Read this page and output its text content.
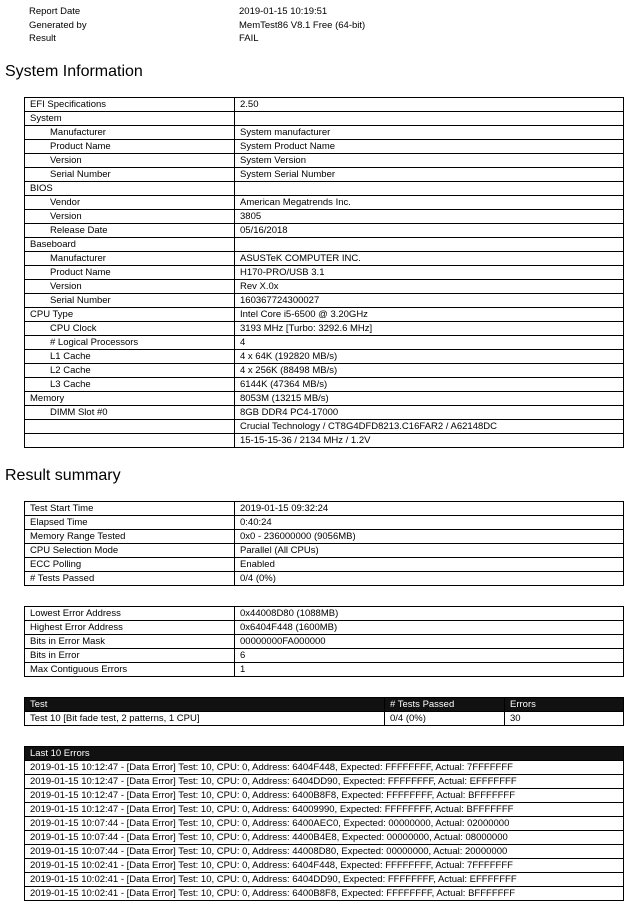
Report Date	2019-01-15 10:19:51
Generated by	MemTest86 V8.1 Free (64-bit)
Result	FAIL
System Information
EFI Specifications	2.50
System	
Manufacturer	System manufacturer
Product Name	System Product Name
Version	System Version
Serial Number	System Serial Number
BIOS	
Vendor	American Megatrends Inc.
Version	3805
Release Date	05/16/2018
Baseboard	
Manufacturer	ASUSTeK COMPUTER INC.
Product Name	H170-PRO/USB 3.1
Version	Rev X.0x
Serial Number	160367724300027
CPU Type	Intel Core i5-6500 @ 3.20GHz
CPU Clock	3193 MHz [Turbo: 3292.6 MHz]
# Logical Processors	4
L1 Cache	4 x 64K (192820 MB/s)
L2 Cache	4 x 256K (88498 MB/s)
L3 Cache	6144K (47364 MB/s)
Memory	8053M (13215 MB/s)
DIMM Slot #0	8GB DDR4 PC4-17000
	Crucial Technology / CT8G4DFD8213.C16FAR2 / A62148DC
	15-15-15-36 / 2134 MHz / 1.2V
Result summary
Test Start Time	2019-01-15 09:32:24
Elapsed Time	0:40:24
Memory Range Tested	0x0 - 236000000 (9056MB)
CPU Selection Mode	Parallel (All CPUs)
ECC Polling	Enabled
# Tests Passed	0/4 (0%)
Lowest Error Address	0x44008D80 (1088MB)
Highest Error Address	0x6404F448 (1600MB)
Bits in Error Mask	00000000FA000000
Bits in Error	6
Max Contiguous Errors	1
Test	# Tests Passed	Errors
Test 10 [Bit fade test, 2 patterns, 1 CPU]	0/4 (0%)	30
Last 10 Errors
2019-01-15 10:12:47 - [Data Error] Test: 10, CPU: 0, Address: 6404F448, Expected: FFFFFFFF, Actual: 7FFFFFFF
2019-01-15 10:12:47 - [Data Error] Test: 10, CPU: 0, Address: 6404DD90, Expected: FFFFFFFF, Actual: EFFFFFFF
2019-01-15 10:12:47 - [Data Error] Test: 10, CPU: 0, Address: 6400B8F8, Expected: FFFFFFFF, Actual: BFFFFFFF
2019-01-15 10:12:47 - [Data Error] Test: 10, CPU: 0, Address: 64009990, Expected: FFFFFFFF, Actual: BFFFFFFF
2019-01-15 10:07:44 - [Data Error] Test: 10, CPU: 0, Address: 6400AEC0, Expected: 00000000, Actual: 02000000
2019-01-15 10:07:44 - [Data Error] Test: 10, CPU: 0, Address: 4400B4E8, Expected: 00000000, Actual: 08000000
2019-01-15 10:07:44 - [Data Error] Test: 10, CPU: 0, Address: 44008D80, Expected: 00000000, Actual: 20000000
2019-01-15 10:02:41 - [Data Error] Test: 10, CPU: 0, Address: 6404F448, Expected: FFFFFFFF, Actual: 7FFFFFFF
2019-01-15 10:02:41 - [Data Error] Test: 10, CPU: 0, Address: 6404DD90, Expected: FFFFFFFF, Actual: EFFFFFFF
2019-01-15 10:02:41 - [Data Error] Test: 10, CPU: 0, Address: 6400B8F8, Expected: FFFFFFFF, Actual: BFFFFFFF
